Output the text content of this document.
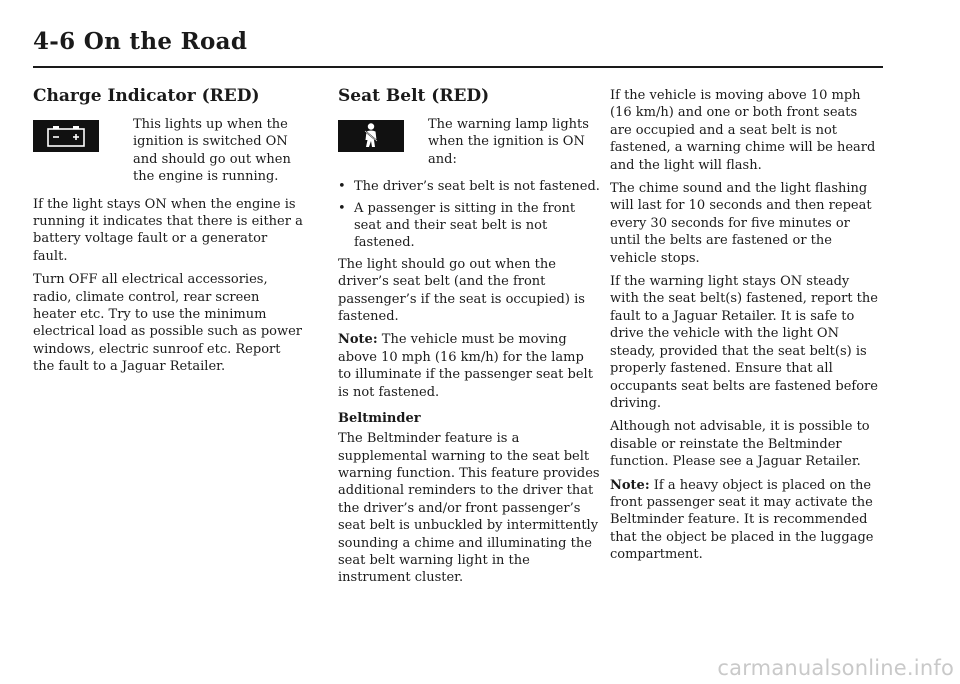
4-6 On the Road
Charge Indicator (RED)

This lights up when the ignition is switched ON and should go out when the engine is running.

If the light stays ON when the engine is running it indicates that there is either a battery voltage fault or a generator fault.

Turn OFF all electrical accessories, radio, climate control, rear screen heater etc. Try to use the minimum electrical load as possible such as power windows, electric sunroof etc. Report the fault to a Jaguar Retailer.

Seat Belt (RED)

The warning lamp lights when the ignition is ON and:

• The driver’s seat belt is not fastened.
• A passenger is sitting in the front seat and their seat belt is not fastened.

The light should go out when the driver’s seat belt (and the front passenger’s if the seat is occupied) is fastened.

Note: The vehicle must be moving above 10 mph (16 km/h) for the lamp to illuminate if the passenger seat belt is not fastened.

Beltminder

The Beltminder feature is a supplemental warning to the seat belt warning function. This feature provides additional reminders to the driver that the driver’s and/or front passenger’s seat belt is unbuckled by intermittently sounding a chime and illuminating the seat belt warning light in the instrument cluster.

If the vehicle is moving above 10 mph (16 km/h) and one or both front seats are occupied and a seat belt is not fastened, a warning chime will be heard and the light will flash.

The chime sound and the light flashing will last for 10 seconds and then repeat every 30 seconds for five minutes or until the belts are fastened or the vehicle stops.

If the warning light stays ON steady with the seat belt(s) fastened, report the fault to a Jaguar Retailer. It is safe to drive the vehicle with the light ON steady, provided that the seat belt(s) is properly fastened. Ensure that all occupants seat belts are fastened before driving.

Although not advisable, it is possible to disable or reinstate the Beltminder function. Please see a Jaguar Retailer.

Note: If a heavy object is placed on the front passenger seat it may activate the Beltminder feature. It is recommended that the object be placed in the luggage compartment.

carmanualsonline.info
